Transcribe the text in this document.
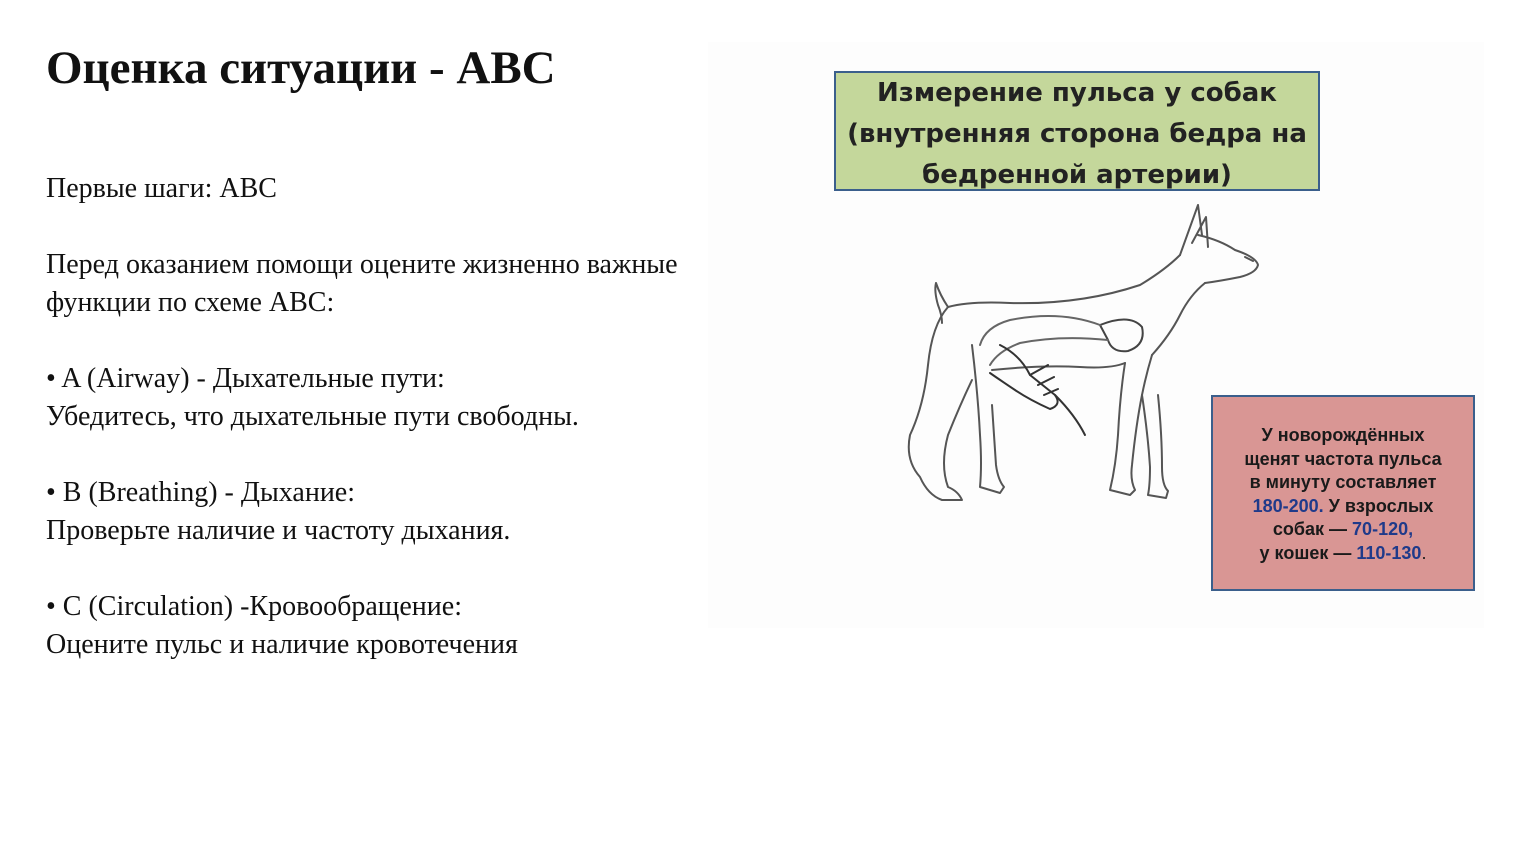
Оценка ситуации - ABC

Первые шаги: ABC

Перед оказанием помощи оцените жизненно важные

функции по схеме ABC:

• A (Airway) - Дыхательные пути:

Убедитесь, что дыхательные пути свободны.

• B (Breathing) - Дыхание:

Проверьте наличие и частоту дыхания.

• C (Circulation) -Кровообращение:

Оцените пульс и наличие кровотечения

Измерение пульса у собак
(внутренняя сторона бедра на
бедренной артерии)
У новорождённых
щенят частота пульса
в минуту составляет
180-200. У взрослых
собак — 70-120,
у кошек — 110-130.
